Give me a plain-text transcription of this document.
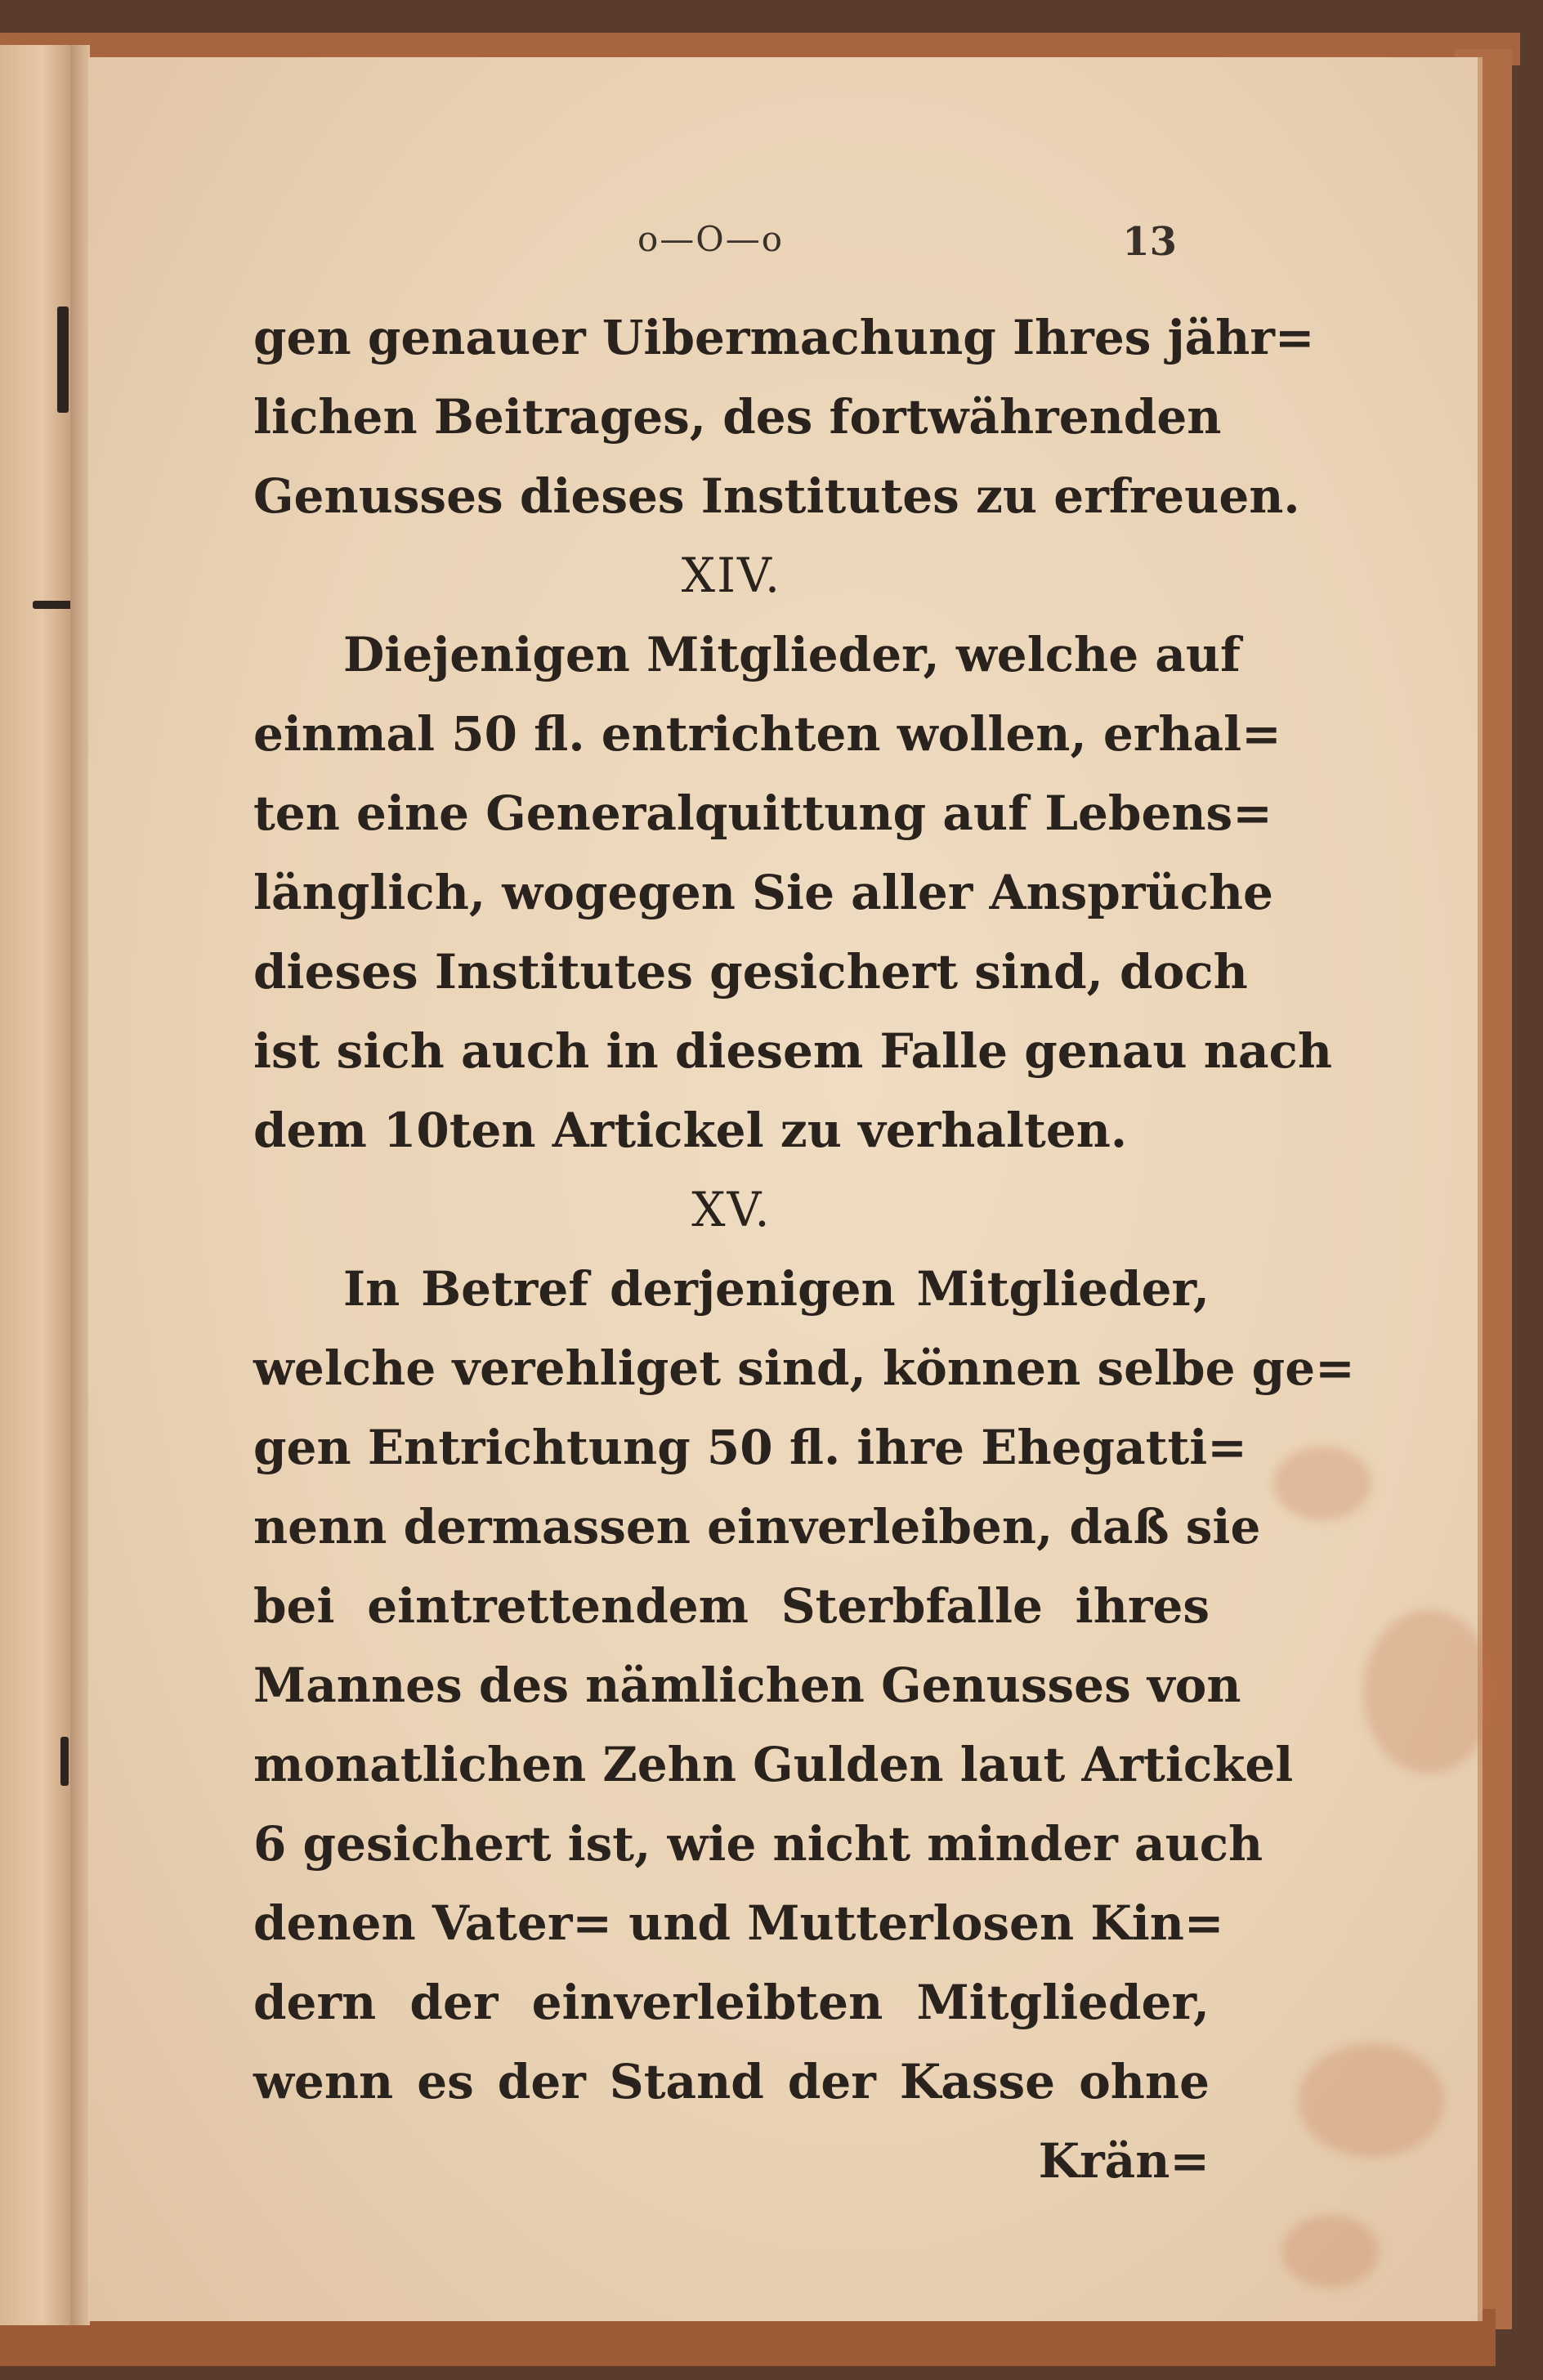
o—O—o	13
gen genauer Uibermachung Ihres jähr=
lichen Beitrages, des fortwährenden
Genusses dieses Institutes zu erfreuen.
XIV.
Diejenigen Mitglieder, welche auf
einmal 50 fl. entrichten wollen, erhal=
ten eine Generalquittung auf Lebens=
länglich, wogegen Sie aller Ansprüche
dieses Institutes gesichert sind, doch
ist sich auch in diesem Falle genau nach
dem 10ten Artickel zu verhalten.
XV.
In Betref derjenigen Mitglieder,
welche verehliget sind, können selbe ge=
gen Entrichtung 50 fl. ihre Ehegatti=
nenn dermassen einverleiben, daß sie
bei eintrettendem Sterbfalle ihres
Mannes des nämlichen Genusses von
monatlichen Zehn Gulden laut Artickel
6 gesichert ist, wie nicht minder auch
denen Vater= und Mutterlosen Kin=
dern der einverleibten Mitglieder,
wenn es der Stand der Kasse ohne
Krän=
